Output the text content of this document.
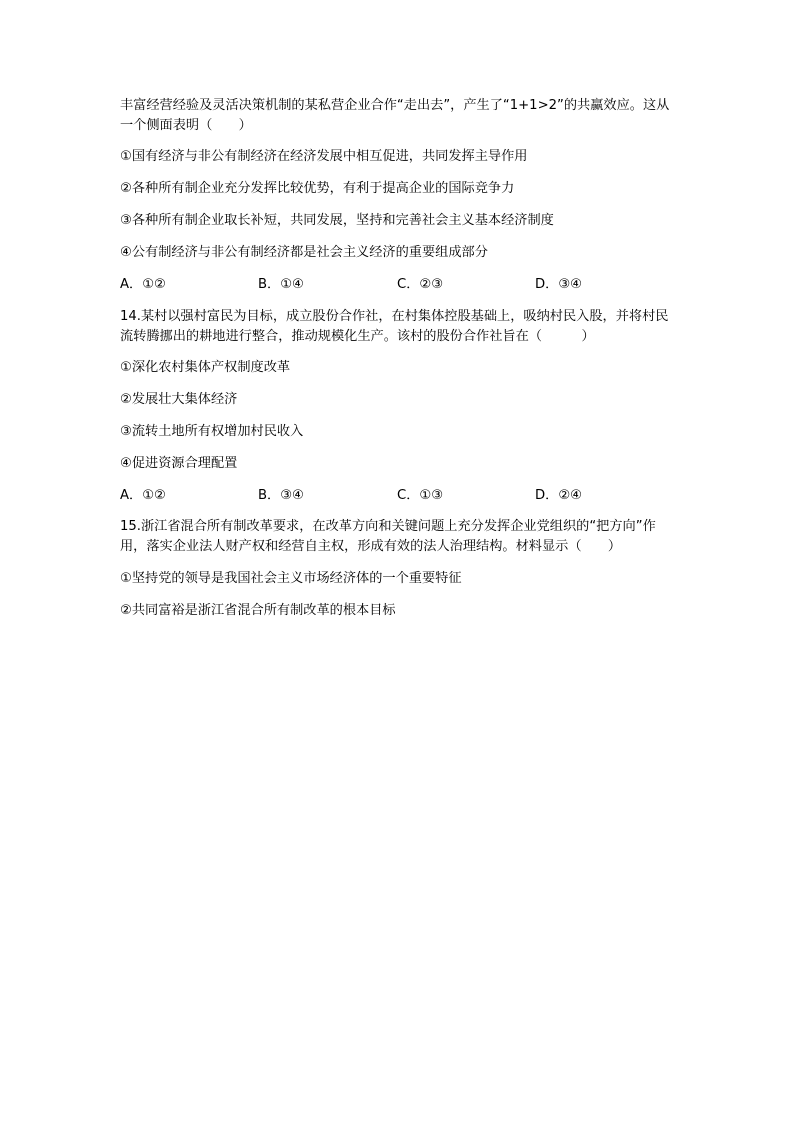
丰富经营经验及灵活决策机制的某私营企业合作“走出去”，产生了“1+1>2”的共赢效应。这从一个侧面表明（　　）

①国有经济与非公有制经济在经济发展中相互促进，共同发挥主导作用

②各种所有制企业充分发挥比较优势，有利于提高企业的国际竞争力

③各种所有制企业取长补短，共同发展，坚持和完善社会主义基本经济制度

④公有制经济与非公有制经济都是社会主义经济的重要组成部分

A．①②	B．①④	C．②③	D．③④

14.某村以强村富民为目标，成立股份合作社，在村集体控股基础上，吸纳村民入股，并将村民流转腾挪出的耕地进行整合，推动规模化生产。该村的股份合作社旨在（　　　）

①深化农村集体产权制度改革

②发展壮大集体经济

③流转土地所有权增加村民收入

④促进资源合理配置

A．①②	B．③④	C．①③	D．②④

15.浙江省混合所有制改革要求，在改革方向和关键问题上充分发挥企业党组织的“把方向”作用，落实企业法人财产权和经营自主权，形成有效的法人治理结构。材料显示（　　）

①坚持党的领导是我国社会主义市场经济体的一个重要特征

②共同富裕是浙江省混合所有制改革的根本目标
